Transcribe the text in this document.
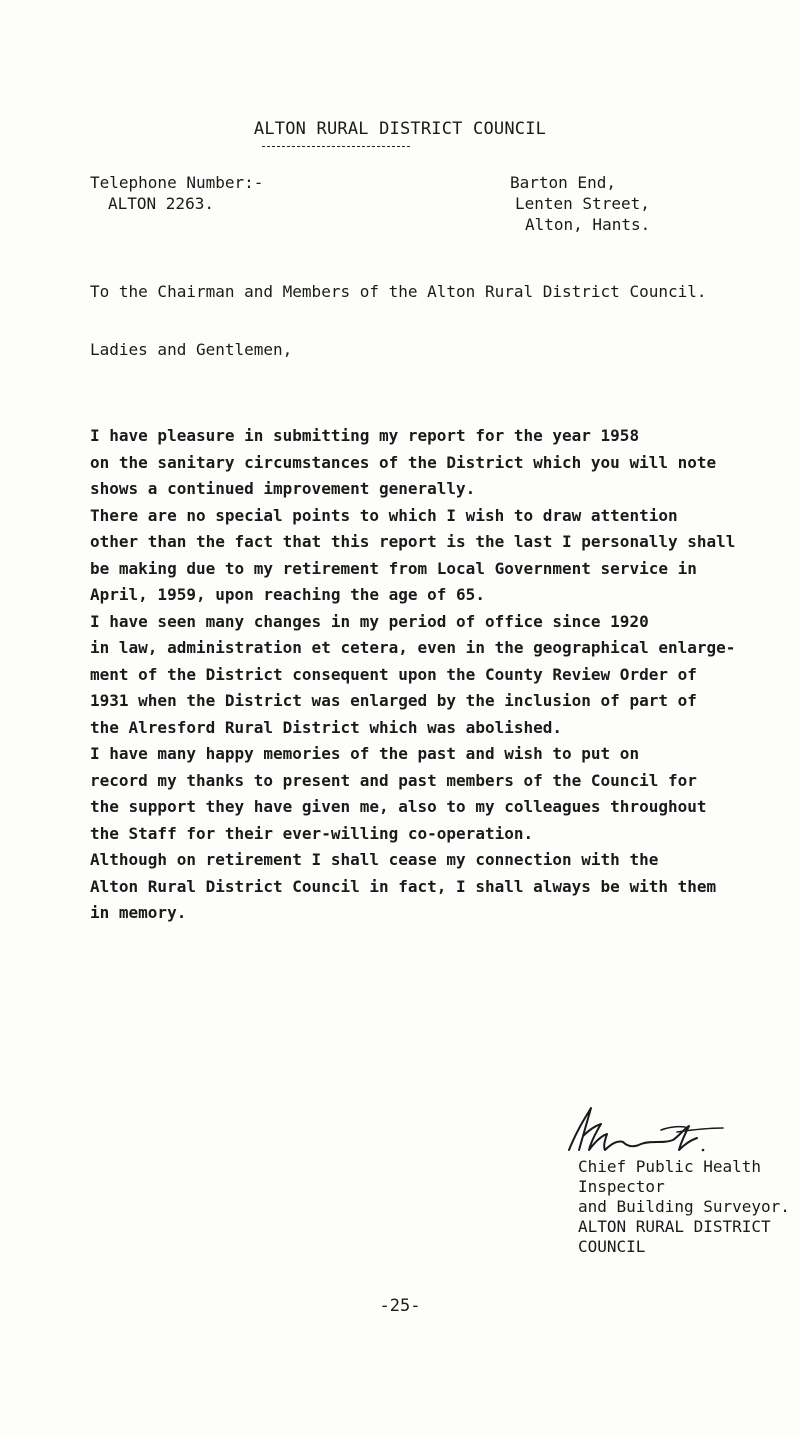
ALTON RURAL DISTRICT COUNCIL
Telephone Number:-
ALTON 2263.
Barton End,
Lenten Street,
Alton, Hants.
To the Chairman and Members of the Alton Rural District Council.
Ladies and Gentlemen,
I have pleasure in submitting my report for the year 1958
on the sanitary circumstances of the District which you will note
shows a continued improvement generally.
There are no special points to which I wish to draw attention
other than the fact that this report is the last I personally shall
be making due to my retirement from Local Government service in
April, 1959, upon reaching the age of 65.
I have seen many changes in my period of office since 1920
in law, administration et cetera, even in the geographical enlarge-
ment of the District consequent upon the County Review Order of
1931 when the District was enlarged by the inclusion of part of
the Alresford Rural District which was abolished.
I have many happy memories of the past and wish to put on
record my thanks to present and past members of the Council for
the support they have given me, also to my colleagues throughout
the Staff for their ever-willing co-operation.
Although on retirement I shall cease my connection with the
Alton Rural District Council in fact, I shall always be with them
in memory.
Chief Public Health Inspector
and Building Surveyor.
ALTON RURAL DISTRICT COUNCIL
-25-
